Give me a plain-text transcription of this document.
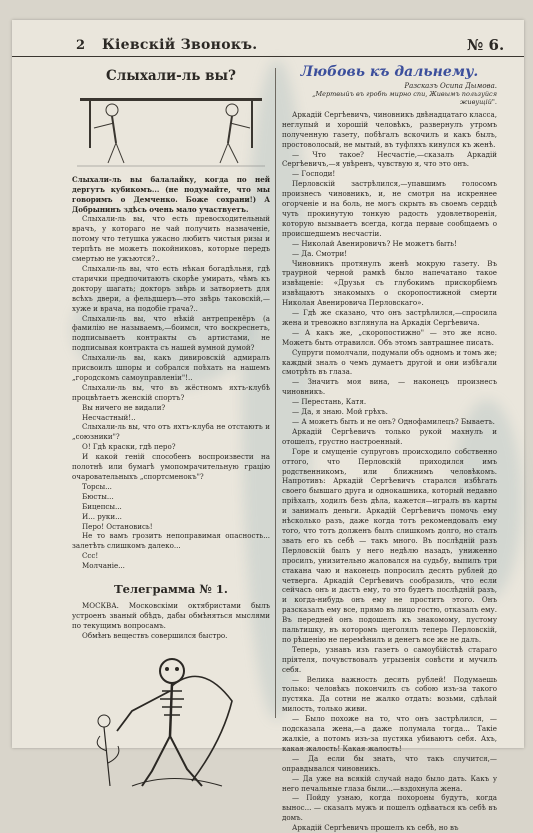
2 Кіевскій Звонокъ.	№ 6.
Слыхали-ль вы?

Слыхали-ль вы балалайку, когда по ней дергутъ кубикомъ... (не подумайте, что мы говоримъ о Демченко. Боже сохрани!) А Добрынинъ здѣсь очень мало участвуетъ.

Слыхали-ль вы, что есть превосходительный врачъ, у котораго не чай получить назначеніе, потому что тетушка ужасно любитъ чистыя ризы и терпѣть не можетъ покойниковъ, которые передъ смертью не ужъются?..

Слыхали-ль вы, что есть нѣкая богадѣльня, гдѣ старички предпочитаютъ скорѣе умирать, чѣмъ къ доктору шагать; докторъ звѣрь и затворяетъ для всѣхъ двери, а фельдшеръ—это звѣрь таковскій,—хуже и врача, на подобіе грача?..

Слыхали-ль вы, что нѣкій антрепренёръ (а фамилію не называемъ,—боимся, что воскреснетъ, подписываетъ контракты съ артистами, не подписывая контракта съ нашей вумной думой?

Слыхали-ль вы, какъ дивировскій адмиралъ присвоилъ шпоры и собрался поѣхать на нашемъ „городскомъ самоуправленіи"!..

Слыхали-ль вы, что въ жёстномъ яхтъ-клубѣ процвѣтаетъ женскій спортъ?

Вы ничего не видали?

Несчастный!..

Слыхали-ль вы, что отъ яхтъ-клуба не отстаютъ и „союзники"?

О! Гдѣ краски, гдѣ перо?

И какой геній способенъ воспроизвести на полотнѣ или бумагѣ умопомрачительную грацію очаровательныхъ „спортсменокъ"?

Торсы...

Бюсты...

Бицепсы...

И... руки...

Перо! Остановись!

Не то вамъ грозитъ непоправимая опасность... залетѣть слишкомъ далеко...

Ссс!

Молчаніе...

Телеграмма № 1.

МОСКВА. Московскіми октябристами былъ устроенъ званый обѣдъ, дабы обмѣняться мыслями по текущимъ вопросамъ.

Обмѣнъ веществъ совершился быстро.

Любовь къ дальнему.

Разсказъ Осипа Дымова.

„Мертвыйъ въ гробѣ мирно спи, Живымъ пользуйся живущій".

Аркадій Сергѣевичъ, чиновникъ двѣнадцатаго класса, неглупый и хорошій человѣкъ, развернулъ утромъ полученную газету, побѣгалъ вскочилъ и какъ былъ, простоволосый, не мытый, въ туфляхъ кинулся къ женѣ.

— Что такое? Несчастіе,—сказалъ Аркадій Сергѣевичъ,—я увѣренъ, чувствую я, что это онъ.

— Господи!

Перловскій застрѣлился,—упавшимъ голосомъ произнесъ чиновникъ, и, не смотря на искреннее огорченіе и на боль, не могъ скрыть въ своемъ сердцѣ чуть прокинутую тонкую радость удовлетворенія, которую вызываетъ всегда, когда первые сообщаемъ о происшедшемъ несчастіи.

— Николай Авенировичъ? Не можетъ быть!

— Да. Смотри!

Чиновникъ протянулъ женѣ мокрую газету. Въ траурной черной рамкѣ было напечатано такое извѣщеніе: «Друзья съ глубокимъ прискорбіемъ извѣщаютъ знакомыхъ о скоропостижной смерти Николая Авенировича Перловскаго».

— Гдѣ же сказано, что онъ застрѣлился,—спросила жена и тревожно взглянула на Аркадія Сергѣевича.

— А какъ же, „скоропостижно" — это же ясно. Можетъ быть отравился. Объ этомъ завтрашнее писать.

Супруги помолчали, подумали объ одномъ и томъ же; каждый зналъ о чемъ думаетъ другой и они избѣгали смотрѣть въ глаза.

— Значитъ моя вина, — наконецъ произнесъ чиновникъ.

— Перестань, Катя.

— Да, я знаю. Мой грѣхъ.

— А можетъ быть и не онъ? Однофамилецъ? Бываетъ.

Аркадій Сергѣевичъ только рукой махнулъ и отошелъ, грустно настроенный.

Горе и смущеніе супруговъ происходило собственно оттого, что Перловскій приходился имъ родственникомъ, или ближнимъ человѣкомъ. Напротивъ: Аркадій Сергѣевичъ старался избѣгать своего бывшаго друга и однокашника, который недавно пріѣхалъ, ходилъ безъ дѣла, кажется—игралъ въ карты и занималъ деньги. Аркадій Сергѣевичъ помочь ему нѣсколько разъ, даже когда тотъ рекомендовалъ ему того, что тотъ долженъ былъ слишкомъ долго, но сталъ звать его къ себѣ — такъ много. Въ послѣдній разъ Перловскій былъ у него недѣлю назадъ, униженно просилъ, унизительно жаловался на судьбу, выпилъ три стакана чаю и наконецъ попросилъ десять рублей до четверга. Аркадій Сергѣевичъ сообразилъ, что если сейчасъ онъ и дастъ ему, то это будетъ послѣдній разъ, и когда-нибудь онъ ему не проститъ этого. Онъ разсказалъ ему все, прямо въ лицо гостю, отказалъ ему. Въ передней онъ подошелъ къ знакомому, пустому пальтишку, въ которомъ щеголялъ теперь Перловскій, по рѣшенію не перемѣнилъ и денегъ все же не далъ.

Теперь, узнавъ изъ газетъ о самоубійствѣ стараго пріятеля, почувствовалъ угрызенія совѣсти и мучилъ себя.

— Велика важность десять рублей! Подумаешь только: человѣкъ покончилъ съ собою изъ-за такого пустяка. Да сотни не жалко отдать: возьми, сдѣлай милость, только живи.

— Было похоже на то, что онъ застрѣлился, — подсказала жена,—а даже полумала тогда... Такіе жалкіе, а потомъ изъ-за пустяка убиваютъ себя. Ахъ, какая жалость! Какая жалость!

— Да если бы знать, что такъ случится,—оправдывался чиновникъ.

— Да уже на всякій случай надо было дать. Какъ у него печальные глаза были...—вздохнула жена.

— Пойду узнаю, когда похороны будутъ, когда вынос... — сказалъ мужъ и пошелъ одѣваться къ себѣ въ домъ.

Аркадій Сергѣевичъ прошелъ къ себѣ, но въ
